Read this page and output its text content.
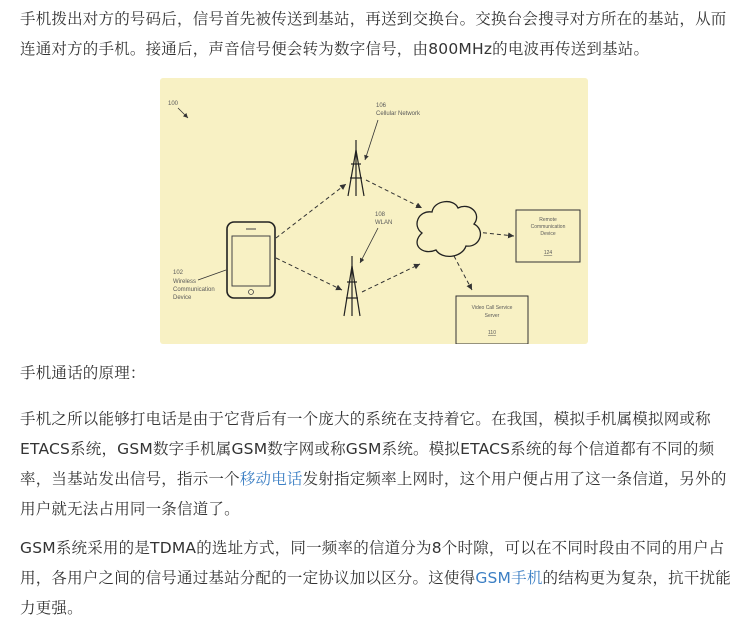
手机拨出对方的号码后，信号首先被传送到基站，再送到交换台。交换台会搜寻对方所在的基站，从而连通对方的手机。接通后，声音信号便会转为数字信号，由800MHz的电波再传送到基站。

100	106
Cellular Network
108
WLAN
102
Wireless
Communication
Device
Remote
Communication
Device
124
Video Call Service
Server
110

手机通话的原理：

手机之所以能够打电话是由于它背后有一个庞大的系统在支持着它。在我国，模拟手机属模拟网或称ETACS系统，GSM数字手机属GSM数字网或称GSM系统。模拟ETACS系统的每个信道都有不同的频率，当基站发出信号，指示一个移动电话发射指定频率上网时，这个用户便占用了这一条信道，另外的用户就无法占用同一条信道了。

GSM系统采用的是TDMA的选址方式，同一频率的信道分为8个时隙，可以在不同时段由不同的用户占用，各用户之间的信号通过基站分配的一定协议加以区分。这使得GSM手机的结构更为复杂，抗干扰能力更强。
